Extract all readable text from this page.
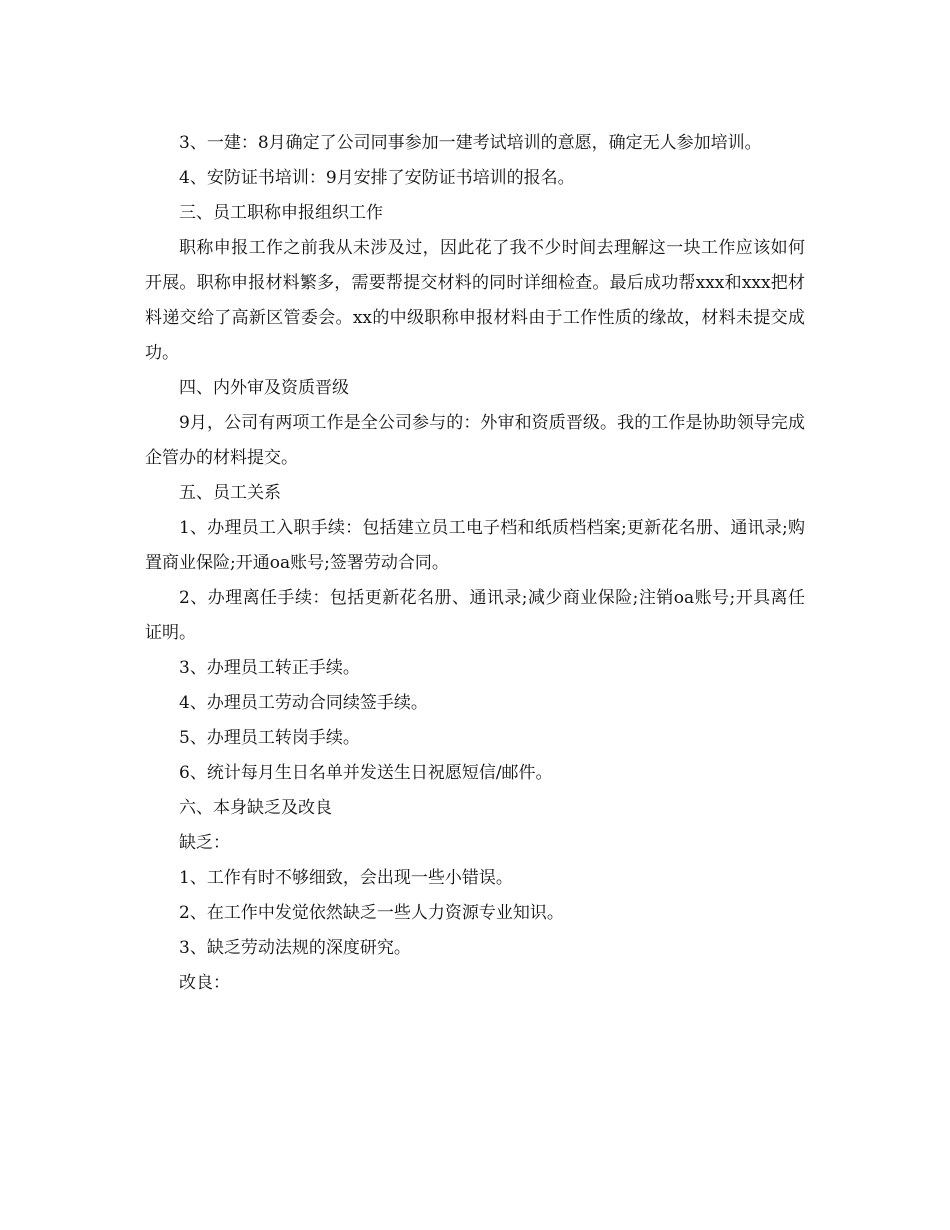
3、一建：8月确定了公司同事参加一建考试培训的意愿，确定无人参加培训。

4、安防证书培训：9月安排了安防证书培训的报名。

三、员工职称申报组织工作

职称申报工作之前我从未涉及过，因此花了我不少时间去理解这一块工作应该如何开展。职称申报材料繁多，需要帮提交材料的同时详细检查。最后成功帮xxx和xxx把材料递交给了高新区管委会。xx的中级职称申报材料由于工作性质的缘故，材料未提交成功。

四、内外审及资质晋级

9月，公司有两项工作是全公司参与的：外审和资质晋级。我的工作是协助领导完成企管办的材料提交。

五、员工关系

1、办理员工入职手续：包括建立员工电子档和纸质档档案;更新花名册、通讯录;购置商业保险;开通oa账号;签署劳动合同。

2、办理离任手续：包括更新花名册、通讯录;减少商业保险;注销oa账号;开具离任证明。

3、办理员工转正手续。

4、办理员工劳动合同续签手续。

5、办理员工转岗手续。

6、统计每月生日名单并发送生日祝愿短信/邮件。

六、本身缺乏及改良

缺乏：

1、工作有时不够细致，会出现一些小错误。

2、在工作中发觉依然缺乏一些人力资源专业知识。

3、缺乏劳动法规的深度研究。

改良：
